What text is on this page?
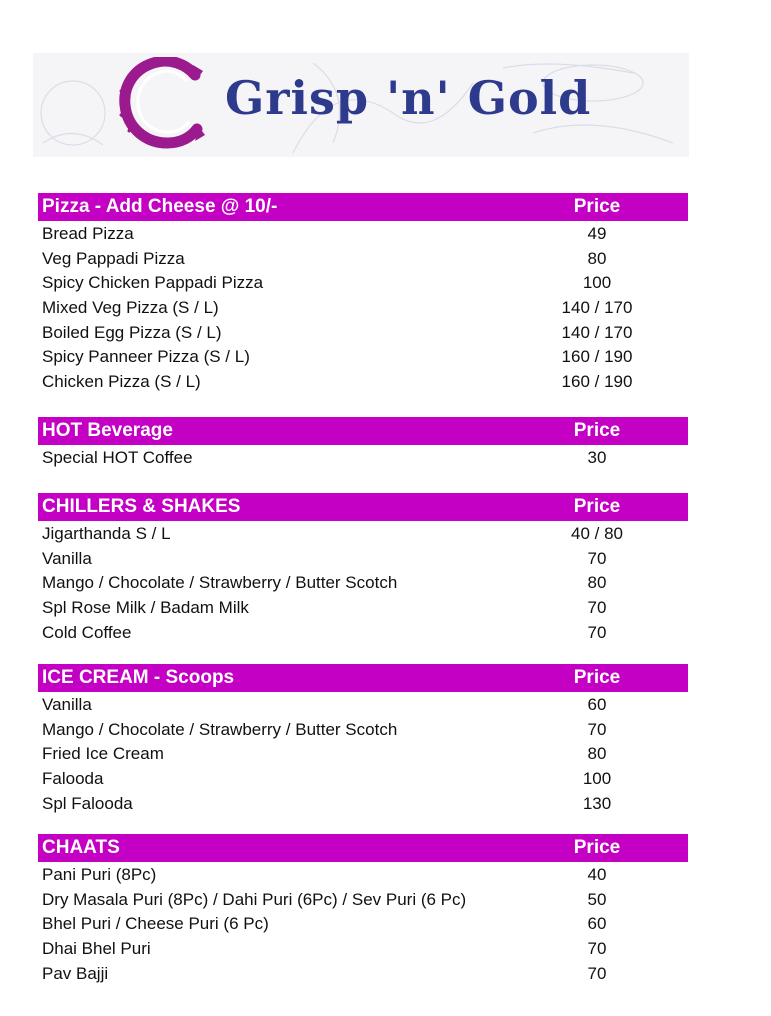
Grisp 'n' Gold
Pizza - Add Cheese @ 10/-	Price
Bread Pizza	49
Veg Pappadi Pizza	80
Spicy Chicken Pappadi Pizza	100
Mixed Veg Pizza (S / L)	140 / 170
Boiled Egg Pizza (S / L)	140 / 170
Spicy Panneer Pizza (S / L)	160 / 190
Chicken Pizza (S / L)	160 / 190
HOT Beverage	Price
Special HOT Coffee	30
CHILLERS & SHAKES	Price
Jigarthanda S / L	40 / 80
Vanilla	70
Mango / Chocolate / Strawberry / Butter Scotch	80
Spl Rose Milk / Badam Milk	70
Cold Coffee	70
ICE CREAM - Scoops	Price
Vanilla	60
Mango / Chocolate / Strawberry / Butter Scotch	70
Fried Ice Cream	80
Falooda	100
Spl Falooda	130
CHAATS	Price
Pani Puri (8Pc)	40
Dry Masala Puri (8Pc) / Dahi Puri (6Pc) / Sev Puri (6 Pc)	50
Bhel Puri / Cheese Puri (6 Pc)	60
Dhai Bhel Puri	70
Pav Bajji	70
